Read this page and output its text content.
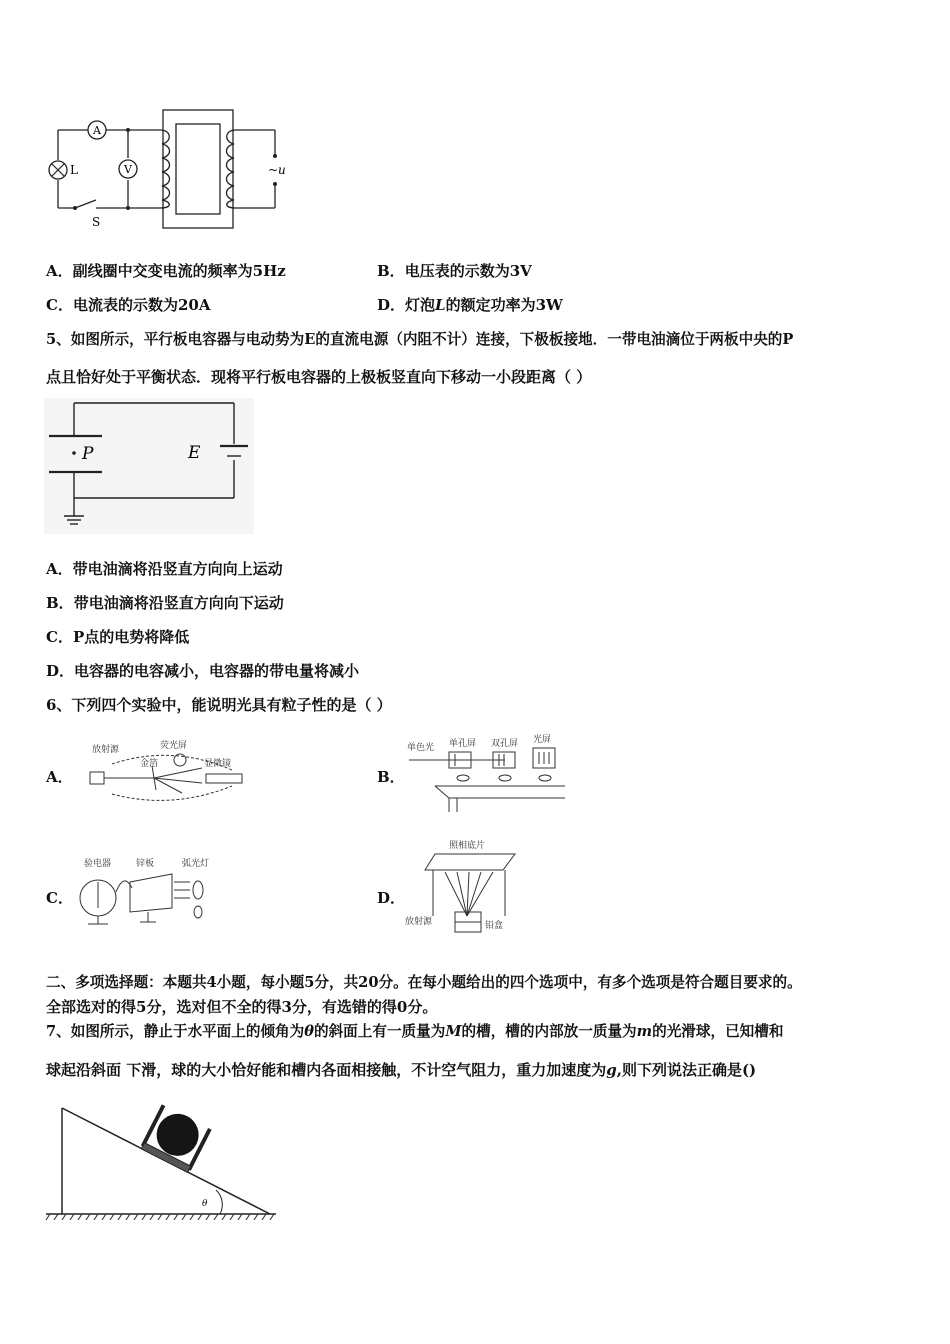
A
V
L
S
~u
A．副线圈中交变电流的频率为5Hz	B．电压表的示数为3V
C．电流表的示数为20A	D．灯泡L的额定功率为3W
5、如图所示，平行板电容器与电动势为E的直流电源（内阻不计）连接，下极板接地．一带电油滴位于两板中央的P
点且恰好处于平衡状态．现将平行板电容器的上极板竖直向下移动一小段距离（ ）
P	E
A．带电油滴将沿竖直方向向上运动
B．带电油滴将沿竖直方向向下运动
C．P点的电势将降低
D．电容器的电容减小，电容器的带电量将减小
6、下列四个实验中，能说明光具有粒子性的是（ ）
A．
放射源	荧光屏
金箔	显微镜
B．
单色光 单孔屏 双孔屏 光屏
C．
验电器	锌板	弧光灯
D．
照相底片
放射源	铅盒
二、多项选择题：本题共4小题，每小题5分，共20分。在每小题给出的四个选项中，有多个选项是符合题目要求的。
全部选对的得5分，选对但不全的得3分，有选错的得0分。
7、如图所示，静止于水平面上的倾角为θ的斜面上有一质量为M的槽，槽的内部放一质量为m的光滑球，已知槽和
球起沿斜面 下滑，球的大小恰好能和槽内各面相接触，不计空气阻力，重力加速度为g,则下列说法正确是()
θ
